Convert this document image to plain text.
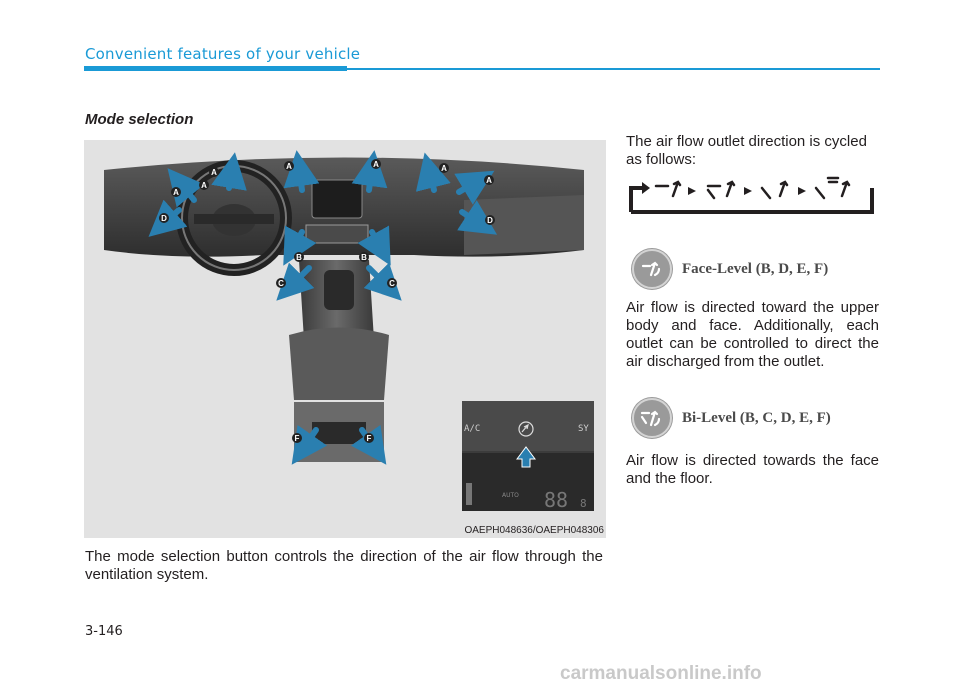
Convenient features of your vehicle
Mode selection
A
A
A	A	A
A
A
B	B
C	C
D	D
F	F
A/C	SY
AUTO 88 8
OAEPH048636/OAEPH048306
The mode selection button controls the direction of the air flow through the ventilation system.
The air flow outlet direction is cycled as follows:
Face-Level (B, D, E, F)
Air flow is directed toward the upper body and face. Additionally, each outlet can be controlled to direct the air discharged from the outlet.
Bi-Level (B, C, D, E, F)
Air flow is directed towards the face and the floor.
3-146
carmanualsonline.info
